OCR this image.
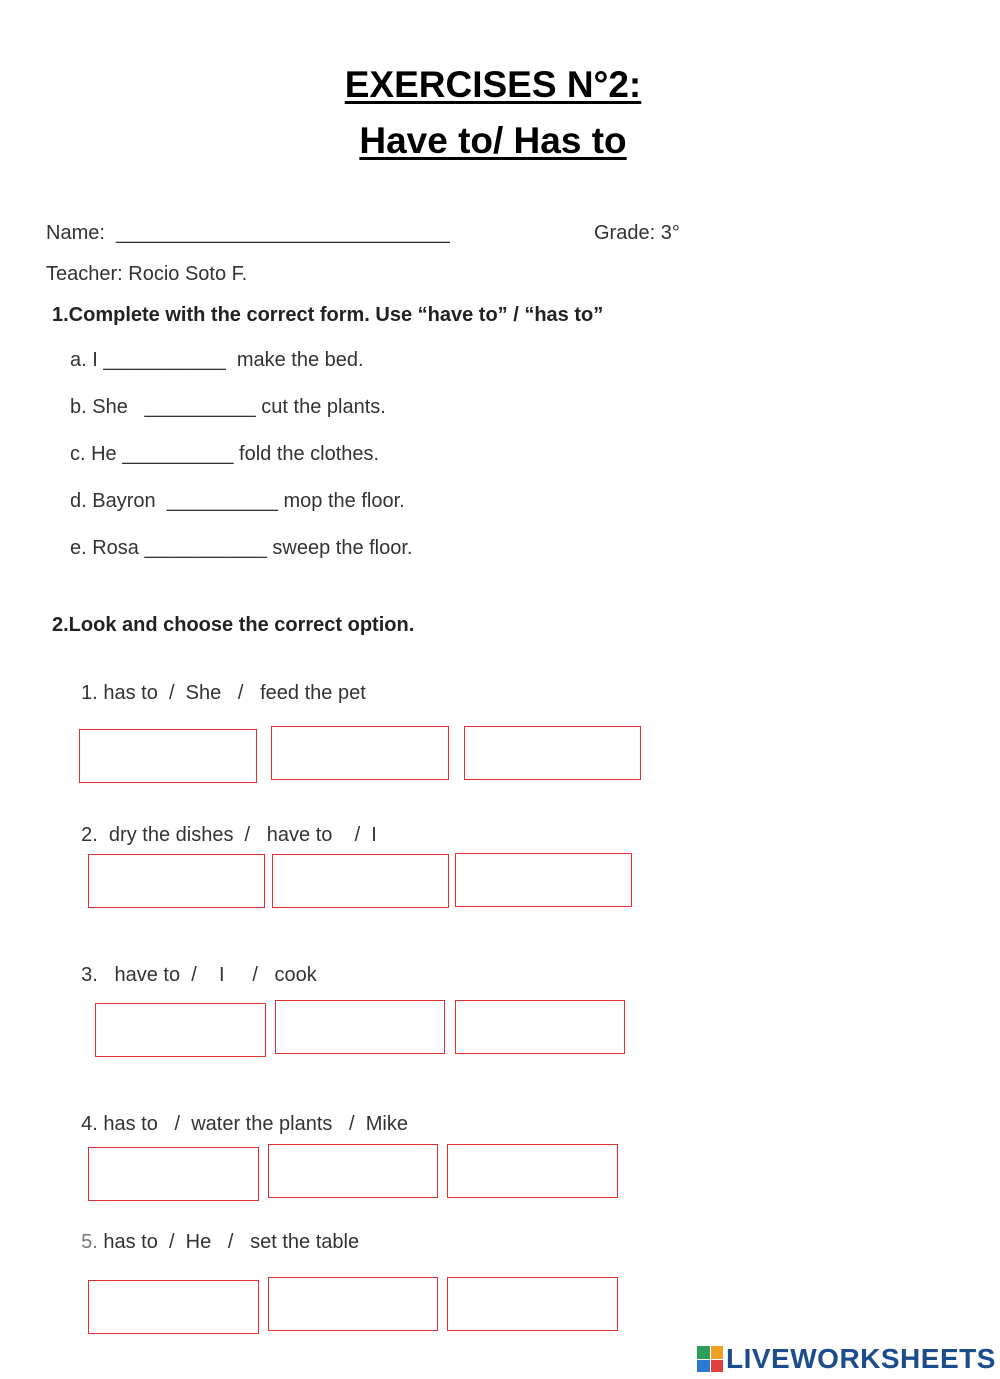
EXERCISES N°2:
Have to/ Has to
Name:  ______________________________	Grade: 3°
Teacher: Rocio Soto F.
1.Complete with the correct form. Use “have to” / “has to”
a. I ___________  make the bed.
b. She   __________ cut the plants.
c. He __________ fold the clothes.
d. Bayron  __________ mop the floor.
e. Rosa ___________ sweep the floor.
2.Look and choose the correct option.

1. has to  /  She   /   feed the pet

2.  dry the dishes  /   have to    /  I

3.   have to  /    I     /   cook

4. has to   /  water the plants   /  Mike

5. has to  /  He   /   set the table

LIVEWORKSHEETS
